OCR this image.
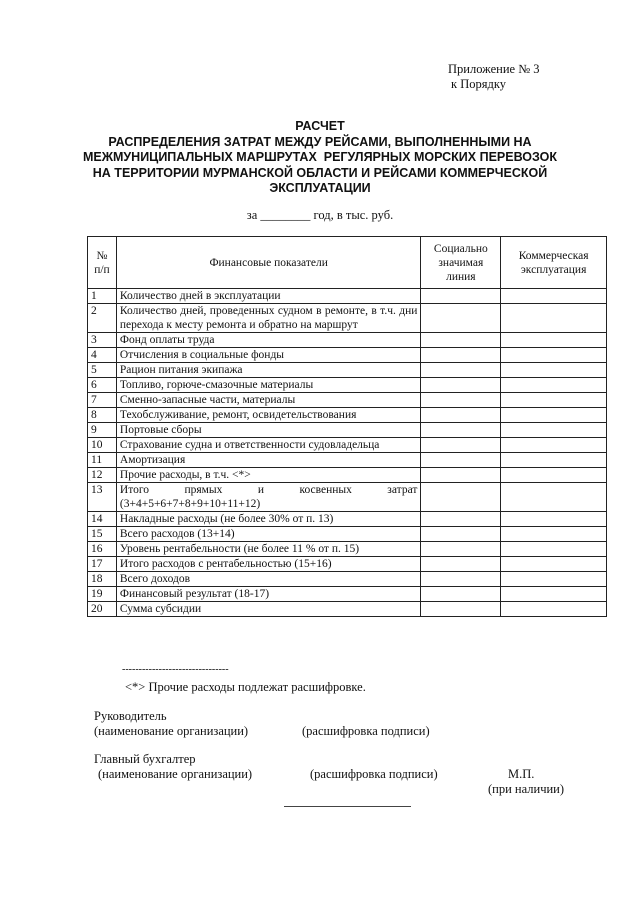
Приложение № 3
к Порядку
РАСЧЕТ
РАСПРЕДЕЛЕНИЯ ЗАТРАТ МЕЖДУ РЕЙСАМИ, ВЫПОЛНЕННЫМИ НА
МЕЖМУНИЦИПАЛЬНЫХ МАРШРУТАХ  РЕГУЛЯРНЫХ МОРСКИХ ПЕРЕВОЗОК
НА ТЕРРИТОРИИ МУРМАНСКОЙ ОБЛАСТИ И РЕЙСАМИ КОММЕРЧЕСКОЙ
ЭКСПЛУАТАЦИИ
за ________ год, в тыс. руб.
№ п/п	Финансовые показатели	Социально значимая линия	Коммерческая эксплуатация
1	Количество дней в эксплуатации		
2	Количество дней, проведенных судном в ремонте, в т.ч. дни перехода к месту ремонта и обратно на маршрут		
3	Фонд оплаты труда		
4	Отчисления в социальные фонды		
5	Рацион питания экипажа		
6	Топливо, горюче-смазочные материалы		
7	Сменно-запасные части, материалы		
8	Техобслуживание, ремонт, освидетельствования		
9	Портовые сборы		
10	Страхование судна и ответственности судовладельца		
11	Амортизация		
12	Прочие расходы, в т.ч. <*>		
13	Итого прямых и косвенных затрат (3+4+5+6+7+8+9+10+11+12)		
14	Накладные расходы (не более 30% от п. 13)		
15	Всего расходов (13+14)		
16	Уровень рентабельности (не более 11 % от п. 15)		
17	Итого расходов с рентабельностью (15+16)		
18	Всего доходов		
19	Финансовый результат (18-17)		
20	Сумма субсидии		
--------------------------------
<*> Прочие расходы подлежат расшифровке.
Руководитель
(наименование организации)	(расшифровка подписи)
Главный бухгалтер
(наименование организации)	(расшифровка подписи)	М.П.
(при наличии)
